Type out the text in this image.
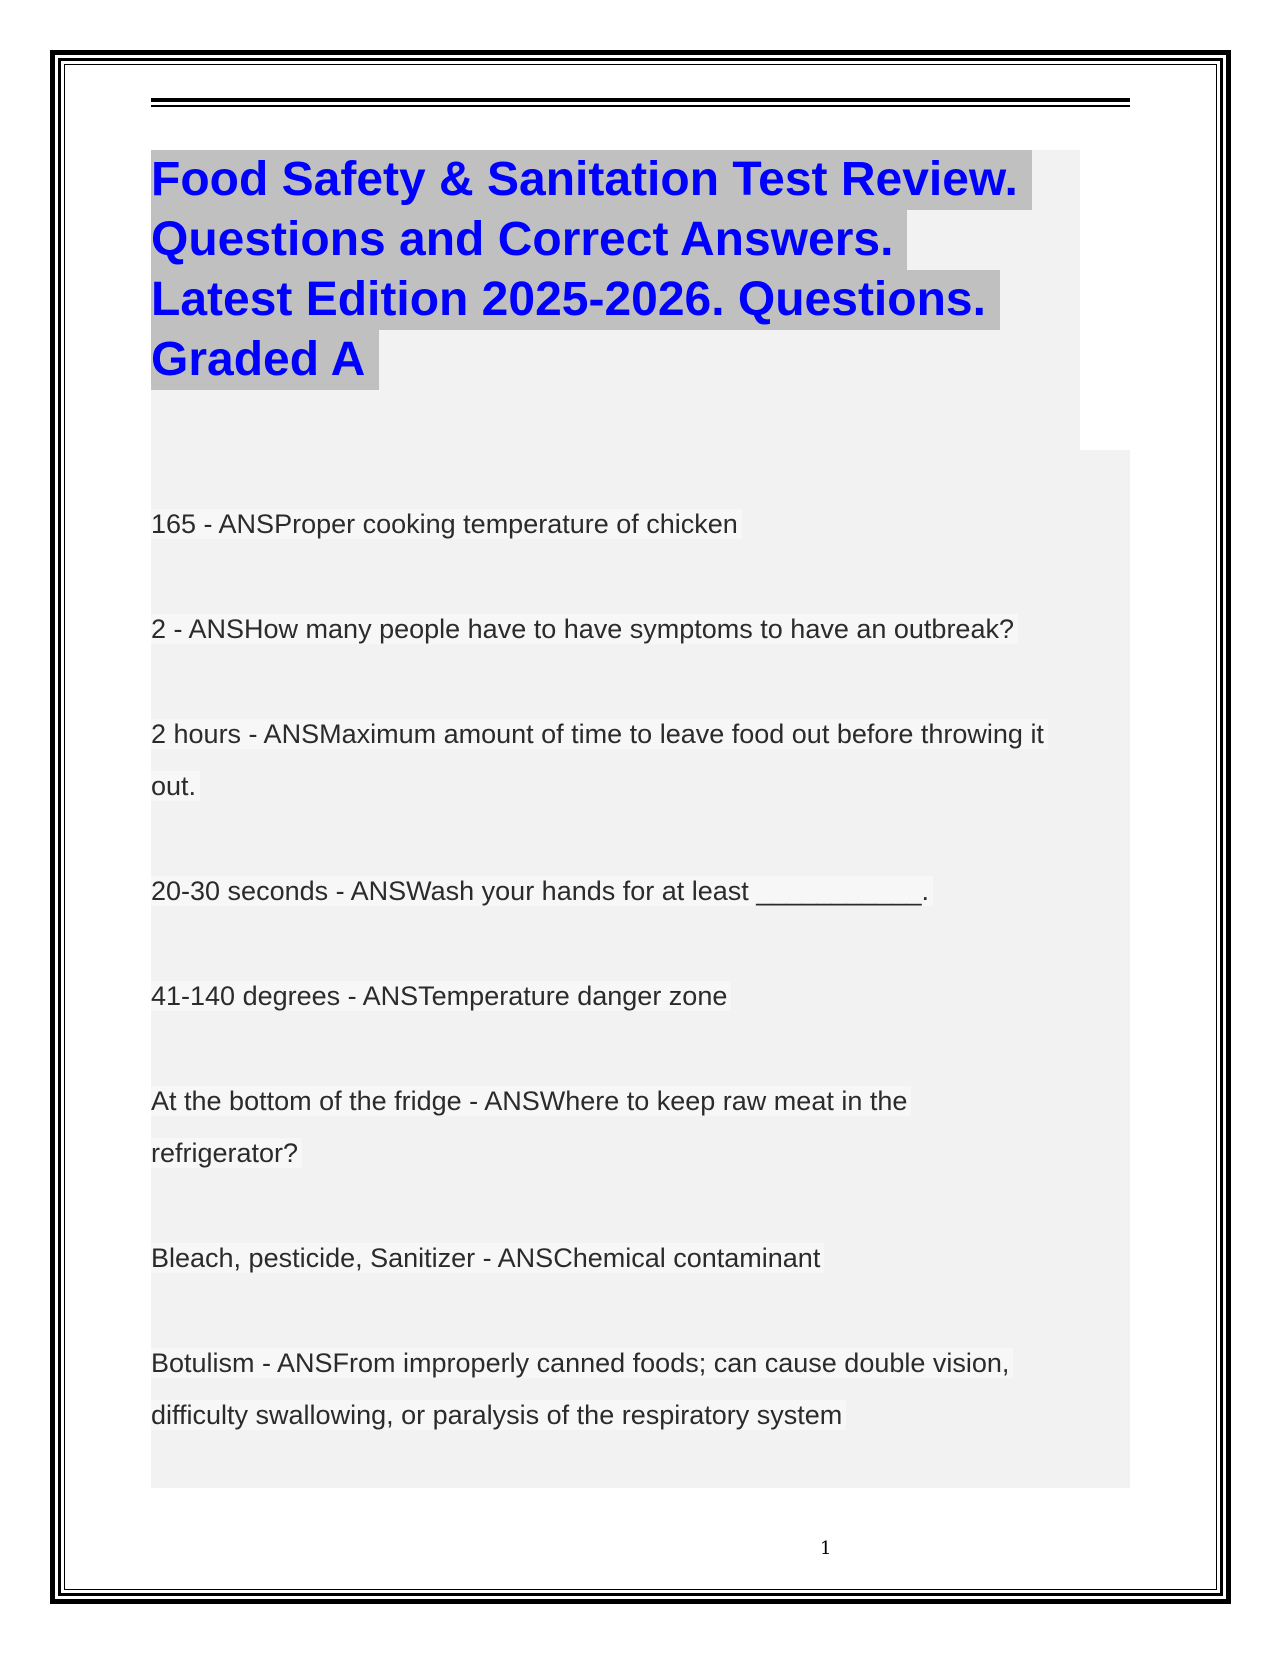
Food Safety & Sanitation Test Review.
Questions and Correct Answers.
Latest Edition 2025-2026. Questions.
Graded A
165 - ANSProper cooking temperature of chicken
2 - ANSHow many people have to have symptoms to have an outbreak?
2 hours - ANSMaximum amount of time to leave food out before throwing it
out.
20-30 seconds - ANSWash your hands for at least ___________.
41-140 degrees - ANSTemperature danger zone
At the bottom of the fridge - ANSWhere to keep raw meat in the
refrigerator?
Bleach, pesticide, Sanitizer - ANSChemical contaminant
Botulism - ANSFrom improperly canned foods; can cause double vision,
difficulty swallowing, or paralysis of the respiratory system
1
